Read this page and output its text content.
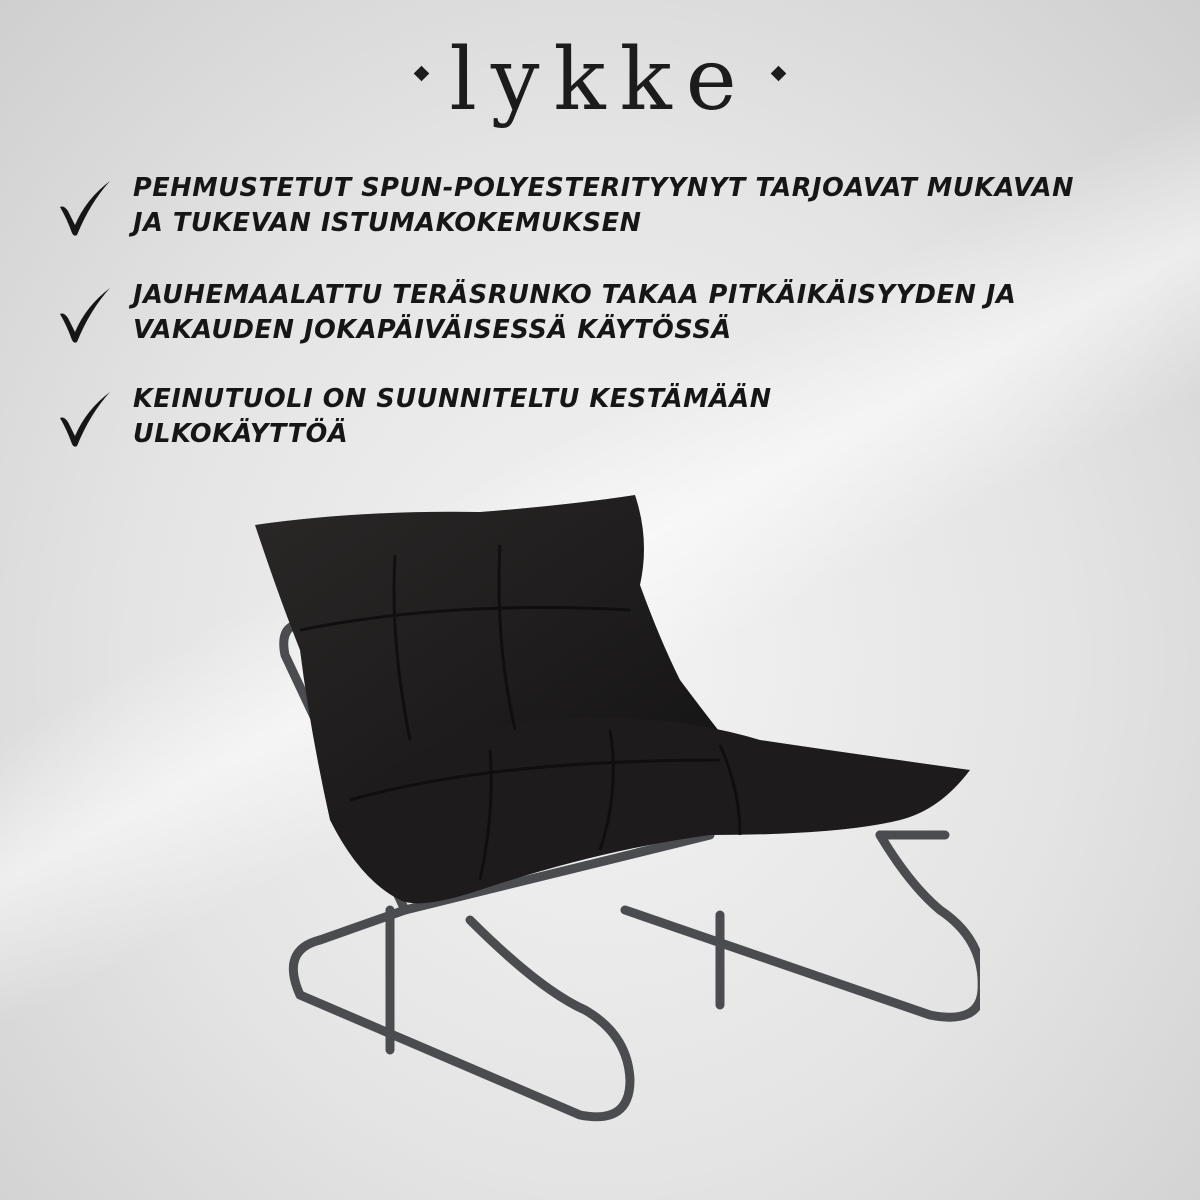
lykke
PEHMUSTETUT SPUN-POLYESTERITYYNYT TARJOAVAT MUKAVAN
JA TUKEVAN ISTUMAKOKEMUKSEN
JAUHEMAALATTU TERÄSRUNKO TAKAA PITKÄIKÄISYYDEN JA
VAKAUDEN JOKAPÄIVÄISESSÄ KÄYTÖSSÄ
KEINUTUOLI ON SUUNNITELTU KESTÄMÄÄN
ULKOKÄYTTÖÄ
